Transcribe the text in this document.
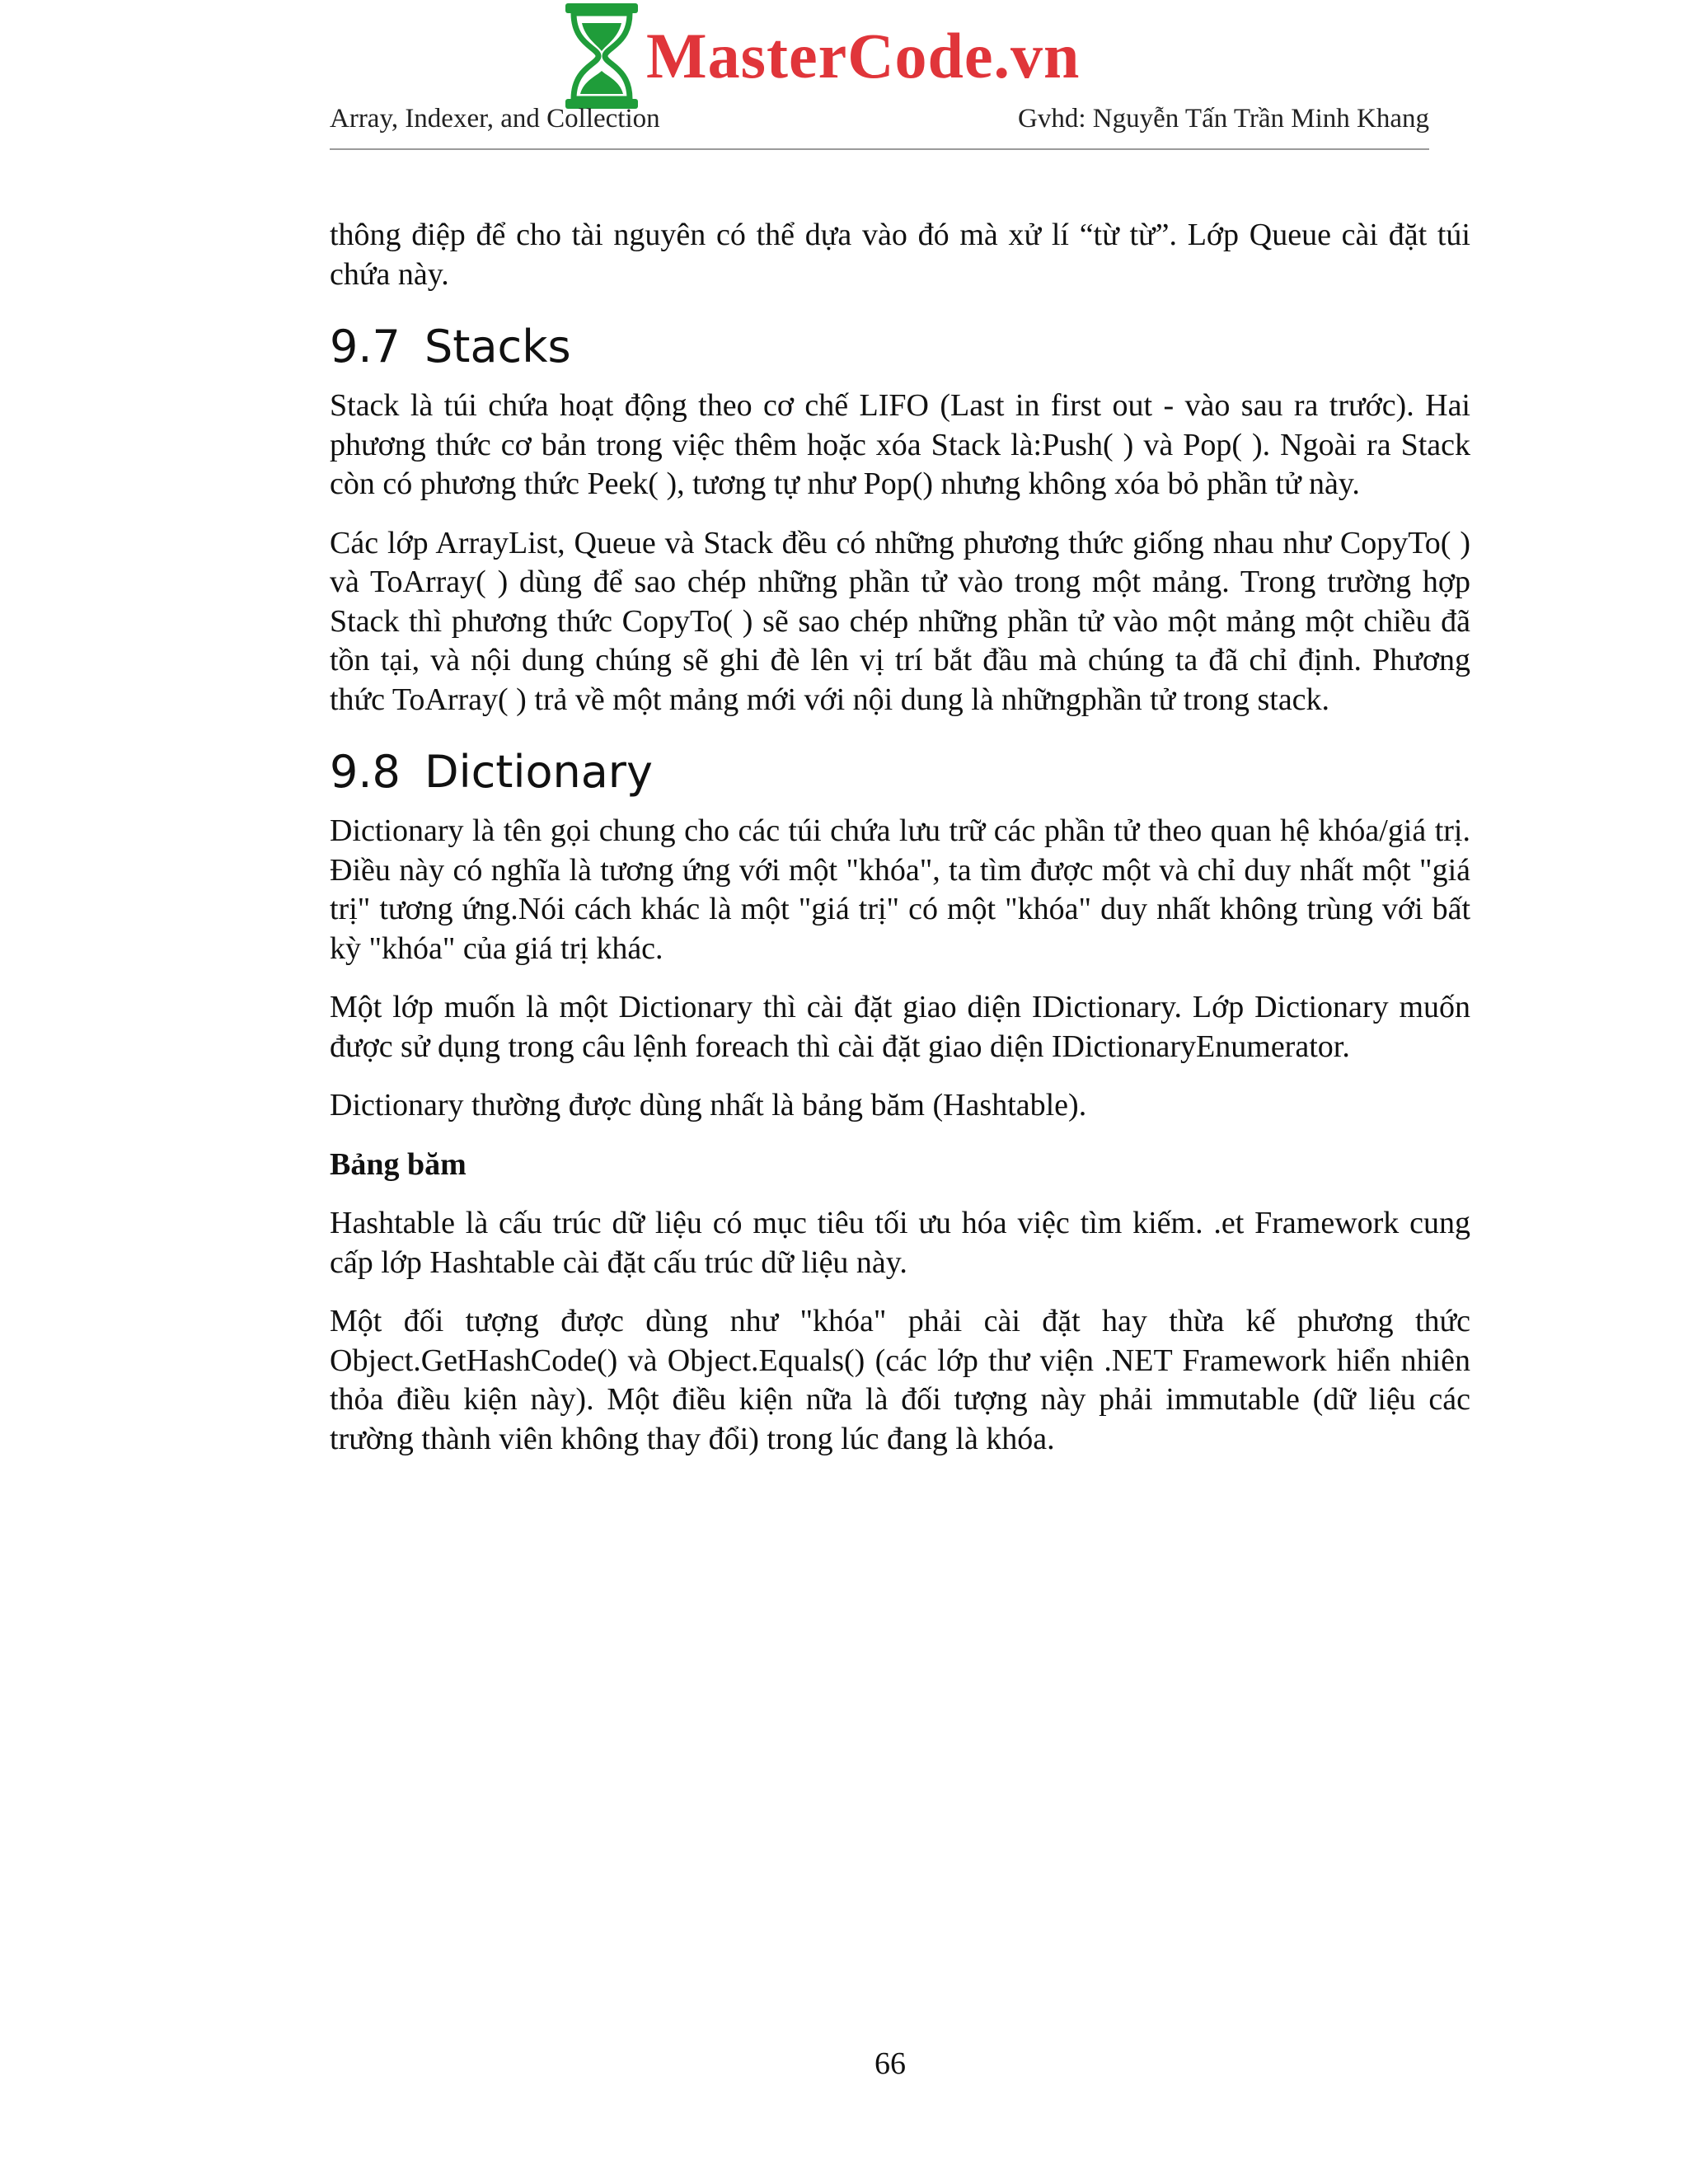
MasterCode.vn
Array, Indexer, and Collection	Gvhd: Nguyễn Tấn Trần Minh Khang

thông điệp để cho tài nguyên có thể dựa vào đó mà xử lí “từ từ”. Lớp Queue cài đặt túi chứa này.

9.7 Stacks

Stack là túi chứa hoạt động theo cơ chế LIFO (Last in first out - vào sau ra trước). Hai phương thức cơ bản trong việc thêm hoặc xóa Stack là:Push( ) và Pop( ). Ngoài ra Stack còn có phương thức Peek( ), tương tự như Pop() nhưng không xóa bỏ phần tử này.

Các lớp ArrayList, Queue và Stack đều có những phương thức giống nhau như CopyTo( ) và ToArray( ) dùng để sao chép những phần tử vào trong một mảng. Trong trường hợp Stack thì phương thức CopyTo( ) sẽ sao chép những phần tử vào một mảng một chiều đã tồn tại, và nội dung chúng sẽ ghi đè lên vị trí bắt đầu mà chúng ta đã chỉ định. Phương thức ToArray( ) trả về một mảng mới với nội dung là nhữngphần tử trong stack.

9.8 Dictionary

Dictionary là tên gọi chung cho các túi chứa lưu trữ các phần tử theo quan hệ khóa/giá trị. Điều này có nghĩa là tương ứng với một "khóa", ta tìm được một và chỉ duy nhất một "giá trị" tương ứng.Nói cách khác là một "giá trị" có một "khóa" duy nhất không trùng với bất kỳ "khóa" của giá trị khác.

Một lớp muốn là một Dictionary thì cài đặt giao diện IDictionary. Lớp Dictionary muốn được sử dụng trong câu lệnh foreach thì cài đặt giao diện IDictionaryEnumerator.

Dictionary thường được dùng nhất là bảng băm (Hashtable).

Bảng băm

Hashtable là cấu trúc dữ liệu có mục tiêu tối ưu hóa việc tìm kiếm. .et Framework cung cấp lớp Hashtable cài đặt cấu trúc dữ liệu này.

Một đối tượng được dùng như "khóa" phải cài đặt hay thừa kế phương thức Object.GetHashCode() và Object.Equals() (các lớp thư viện .NET Framework hiển nhiên thỏa điều kiện này). Một điều kiện nữa là đối tượng này phải immutable (dữ liệu các trường thành viên không thay đổi) trong lúc đang là khóa.

66
